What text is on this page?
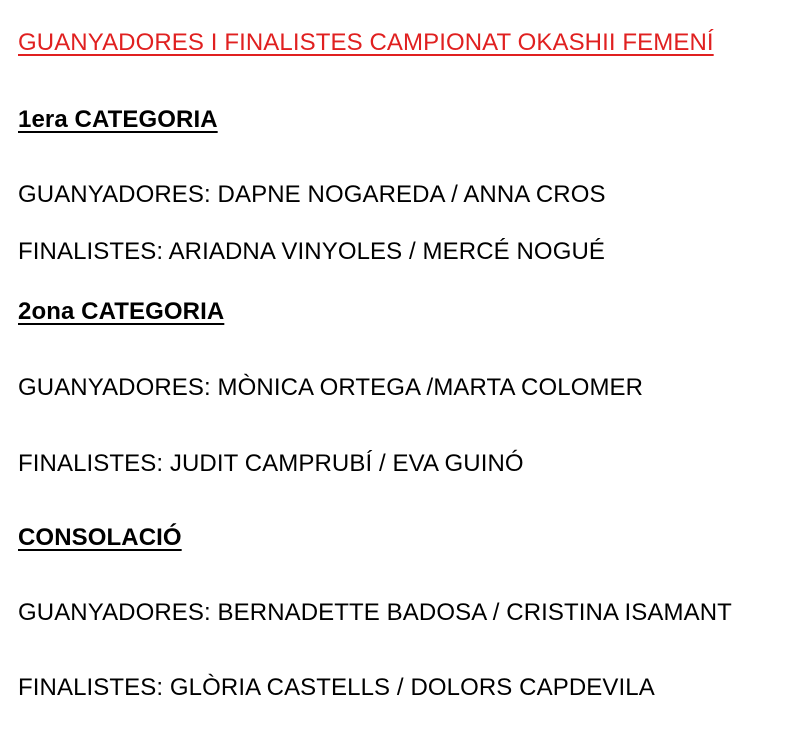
GUANYADORES I FINALISTES CAMPIONAT OKASHII FEMENÍ
1era CATEGORIA
GUANYADORES: DAPNE NOGAREDA / ANNA CROS
FINALISTES: ARIADNA VINYOLES / MERCÉ NOGUÉ
2ona CATEGORIA
GUANYADORES: MÒNICA ORTEGA /MARTA COLOMER
FINALISTES: JUDIT CAMPRUBÍ / EVA GUINÓ
CONSOLACIÓ
GUANYADORES: BERNADETTE BADOSA / CRISTINA ISAMANT
FINALISTES: GLÒRIA CASTELLS / DOLORS CAPDEVILA
